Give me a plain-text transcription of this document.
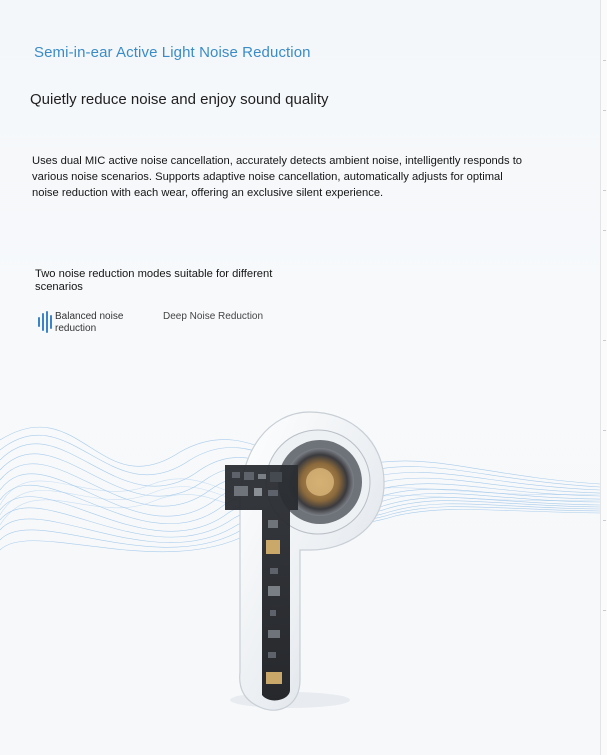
Semi-in-ear Active Light Noise Reduction
Quietly reduce noise and enjoy sound quality
Uses dual MIC active noise cancellation, accurately detects ambient noise, intelligently responds to various noise scenarios. Supports adaptive noise cancellation, automatically adjusts for optimal noise reduction with each wear, offering an exclusive silent experience.
Two noise reduction modes suitable for different scenarios
Balanced noise reduction
Deep Noise Reduction
